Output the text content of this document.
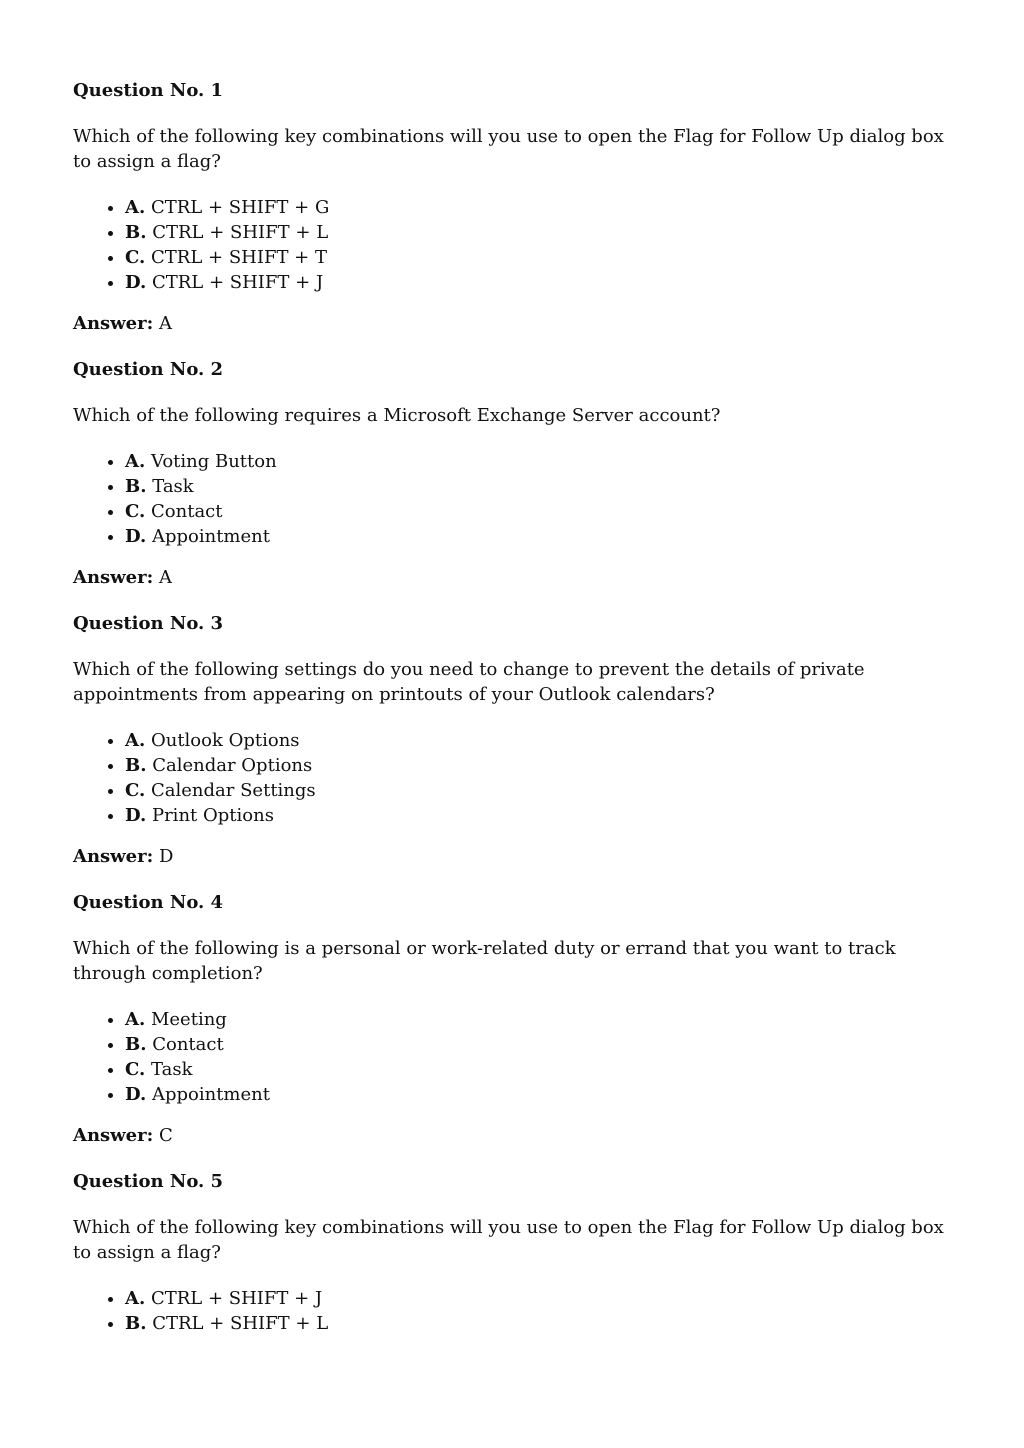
Question No. 1

Which of the following key combinations will you use to open the Flag for Follow Up dialog box to assign a flag?

• A. CTRL + SHIFT + G
• B. CTRL + SHIFT + L
• C. CTRL + SHIFT + T
• D. CTRL + SHIFT + J

Answer: A

Question No. 2

Which of the following requires a Microsoft Exchange Server account?

• A. Voting Button
• B. Task
• C. Contact
• D. Appointment

Answer: A

Question No. 3

Which of the following settings do you need to change to prevent the details of private appointments from appearing on printouts of your Outlook calendars?

• A. Outlook Options
• B. Calendar Options
• C. Calendar Settings
• D. Print Options

Answer: D

Question No. 4

Which of the following is a personal or work-related duty or errand that you want to track through completion?

• A. Meeting
• B. Contact
• C. Task
• D. Appointment

Answer: C

Question No. 5

Which of the following key combinations will you use to open the Flag for Follow Up dialog box to assign a flag?

• A. CTRL + SHIFT + J
• B. CTRL + SHIFT + L
